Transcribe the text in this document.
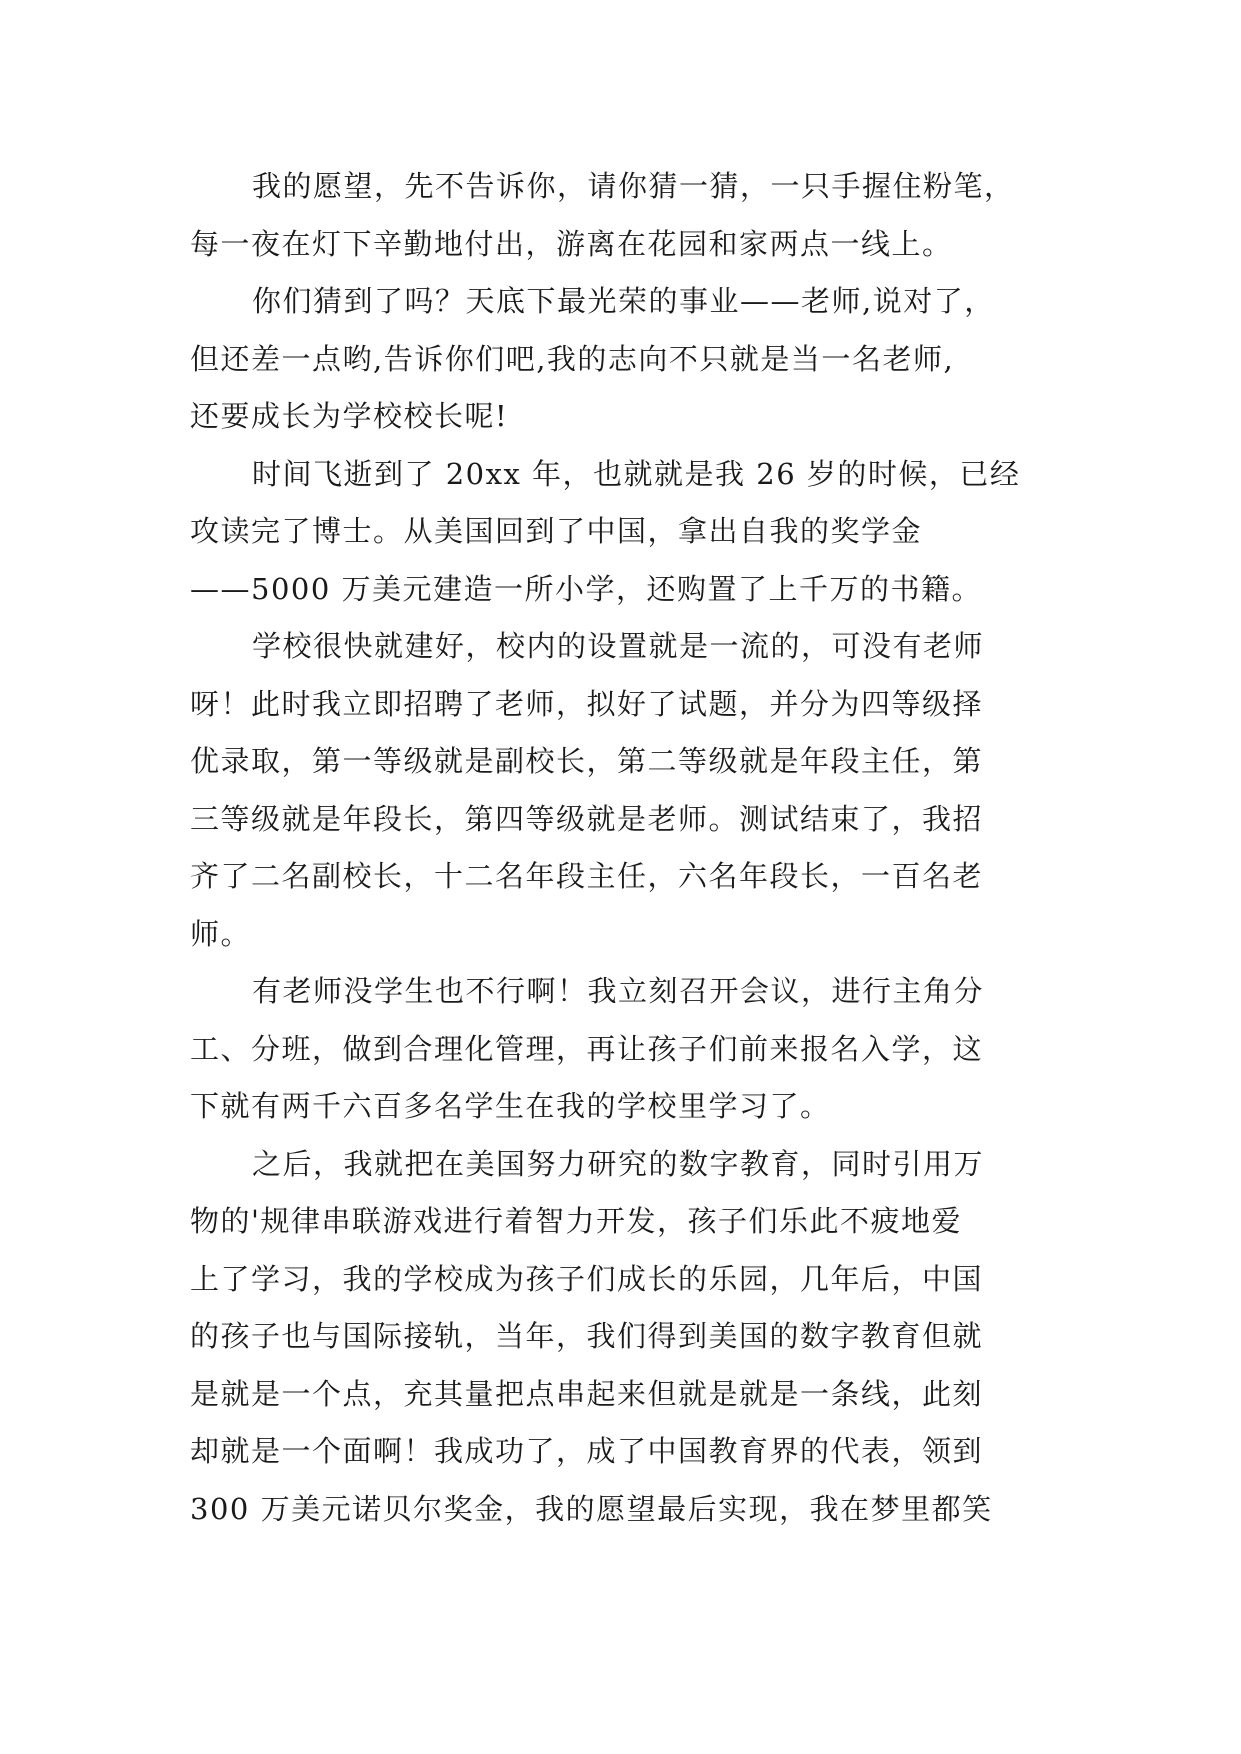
我的愿望，先不告诉你，请你猜一猜，一只手握住粉笔，
每一夜在灯下辛勤地付出，游离在花园和家两点一线上。
你们猜到了吗？天底下最光荣的事业——老师,说对了，
但还差一点哟,告诉你们吧,我的志向不只就是当一名老师,
还要成长为学校校长呢!
时间飞逝到了 20xx 年，也就就是我 26 岁的时候，已经
攻读完了博士。从美国回到了中国，拿出自我的奖学金
——5000 万美元建造一所小学，还购置了上千万的书籍。
学校很快就建好，校内的设置就是一流的，可没有老师
呀！此时我立即招聘了老师，拟好了试题，并分为四等级择
优录取，第一等级就是副校长，第二等级就是年段主任，第
三等级就是年段长，第四等级就是老师。测试结束了，我招
齐了二名副校长，十二名年段主任，六名年段长，一百名老
师。
有老师没学生也不行啊！我立刻召开会议，进行主角分
工、分班，做到合理化管理，再让孩子们前来报名入学，这
下就有两千六百多名学生在我的学校里学习了。
之后，我就把在美国努力研究的数字教育，同时引用万
物的'规律串联游戏进行着智力开发，孩子们乐此不疲地爱
上了学习，我的学校成为孩子们成长的乐园，几年后，中国
的孩子也与国际接轨，当年，我们得到美国的数字教育但就
是就是一个点，充其量把点串起来但就是就是一条线，此刻
却就是一个面啊！我成功了，成了中国教育界的代表，领到
300 万美元诺贝尔奖金，我的愿望最后实现，我在梦里都笑
